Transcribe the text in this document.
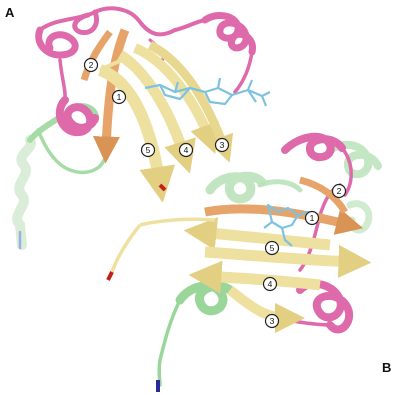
2
1
5	4	3
A
2
1
5
4
3
B
